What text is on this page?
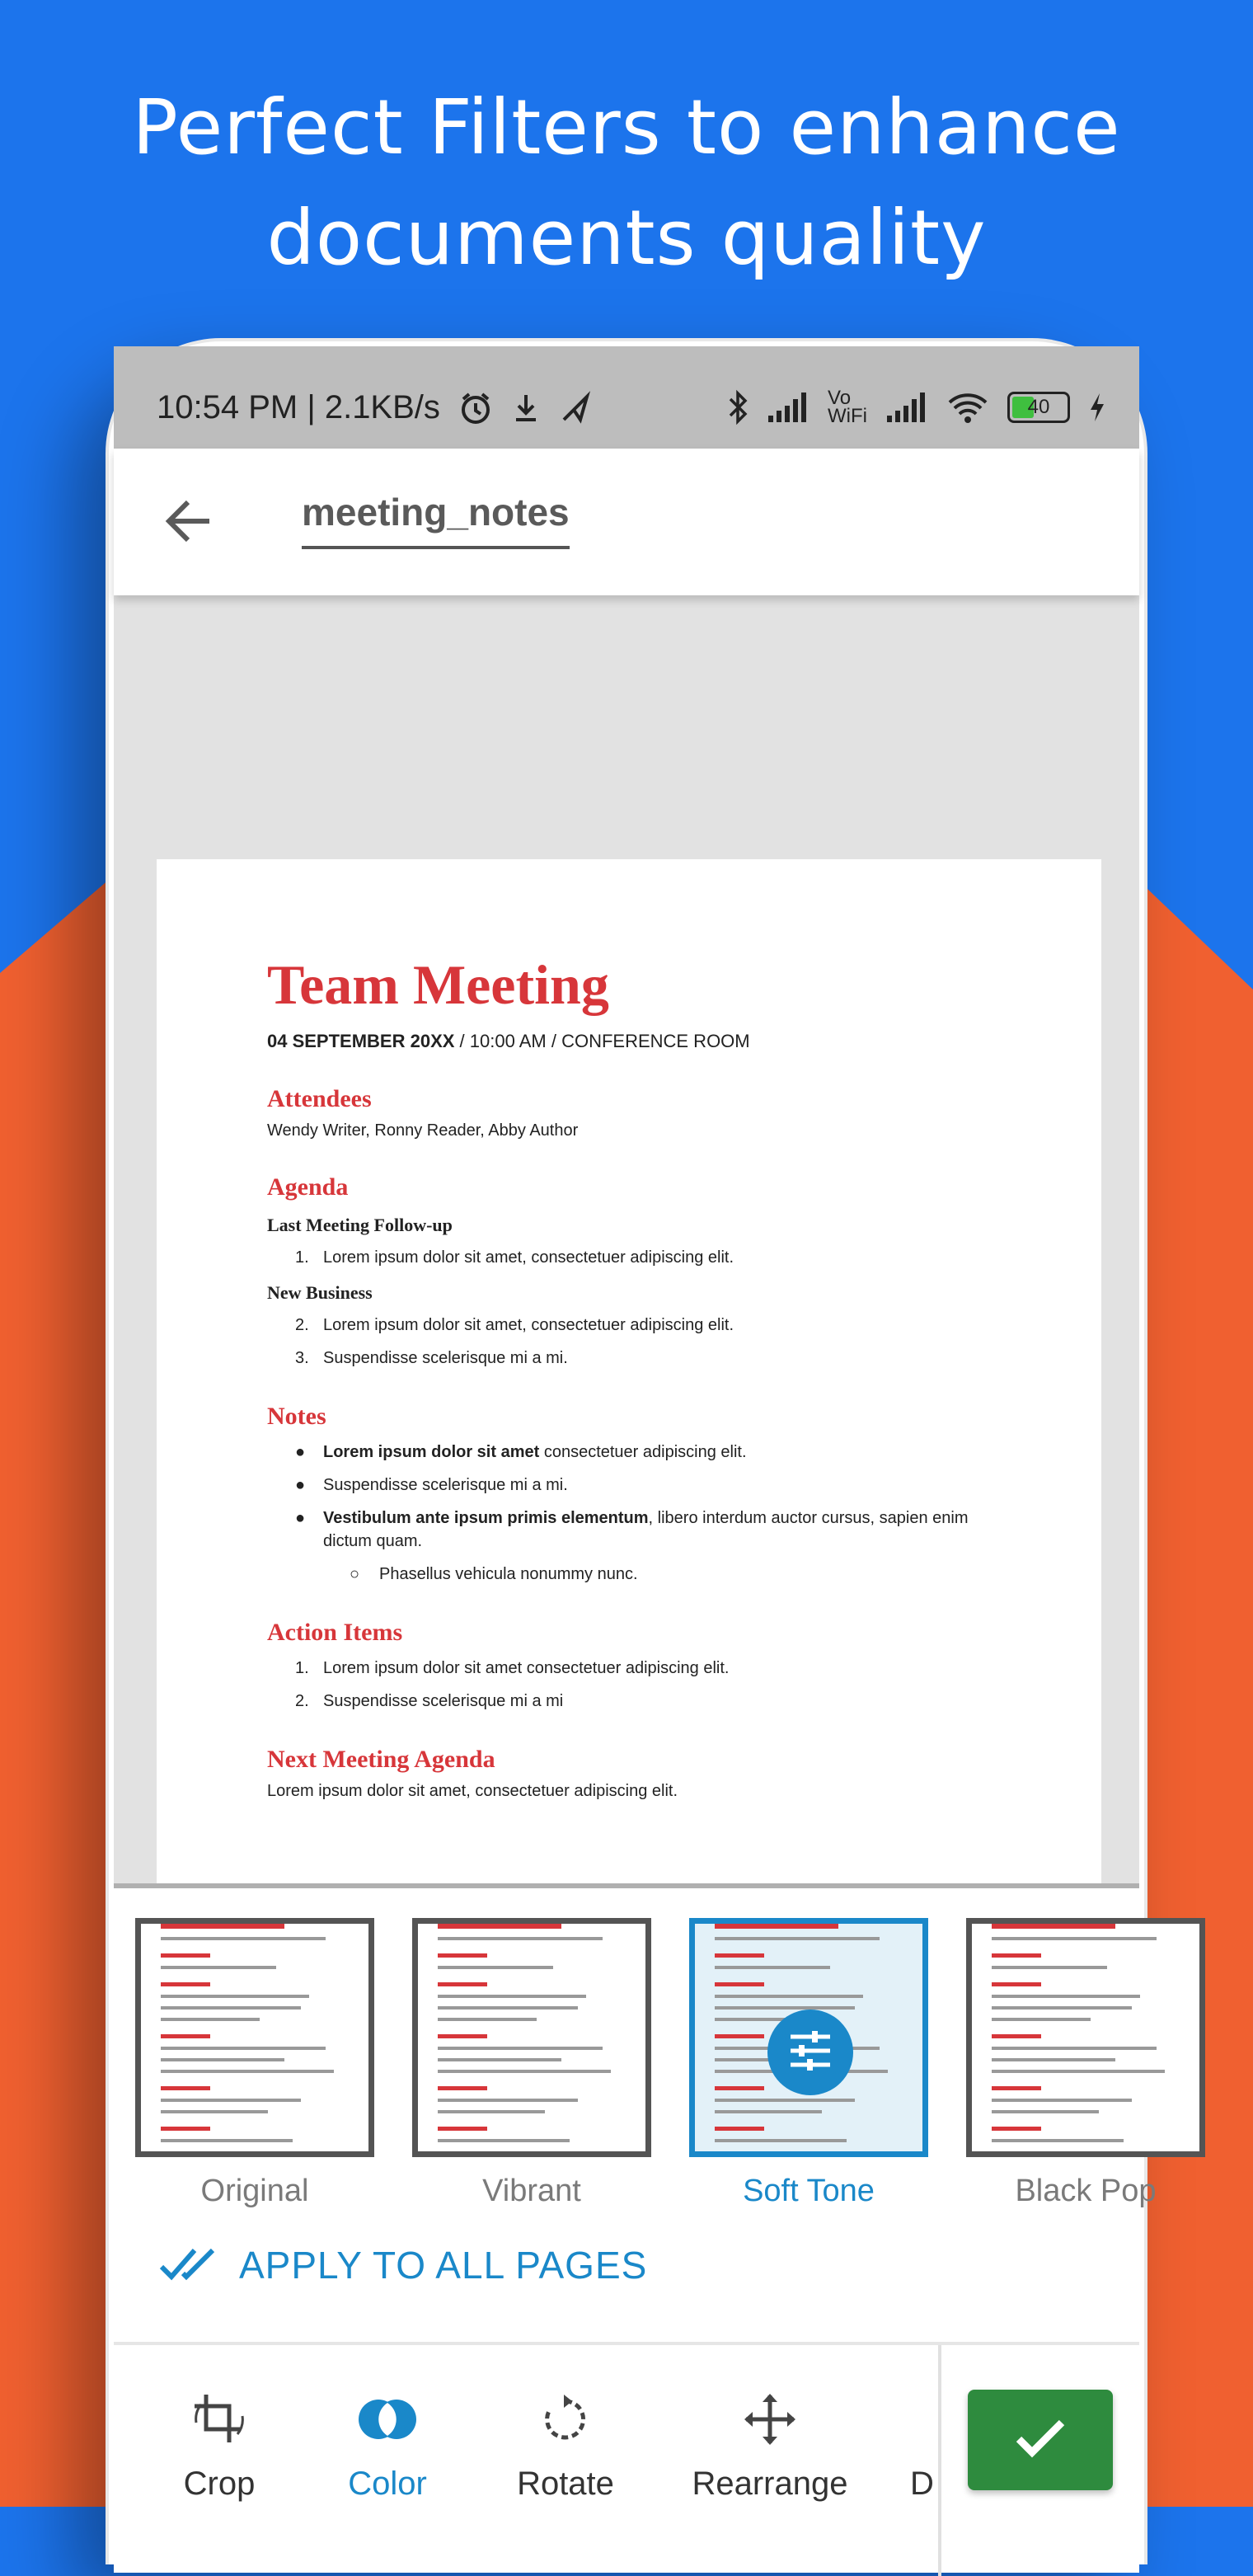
Perfect Filters to enhance
documents quality
10:54 PM | 2.1KB/s	Vo
WiFi	40
meeting_notes
Team Meeting
04 SEPTEMBER 20XX / 10:00 AM / CONFERENCE ROOM
Attendees
Wendy Writer, Ronny Reader, Abby Author
Agenda
Last Meeting Follow-up
1. Lorem ipsum dolor sit amet, consectetuer adipiscing elit.
New Business
2. Lorem ipsum dolor sit amet, consectetuer adipiscing elit.
3. Suspendisse scelerisque mi a mi.
Notes
● Lorem ipsum dolor sit amet consectetuer adipiscing elit.
● Suspendisse scelerisque mi a mi.
● Vestibulum ante ipsum primis elementum, libero interdum auctor cursus, sapien enim dictum quam.
○ Phasellus vehicula nonummy nunc.
Action Items
1. Lorem ipsum dolor sit amet consectetuer adipiscing elit.
2. Suspendisse scelerisque mi a mi
Next Meeting Agenda
Lorem ipsum dolor sit amet, consectetuer adipiscing elit.
Original	Vibrant	Soft Tone	Black Pop
APPLY TO ALL PAGES
Crop	Color	Rotate	Rearrange	D
